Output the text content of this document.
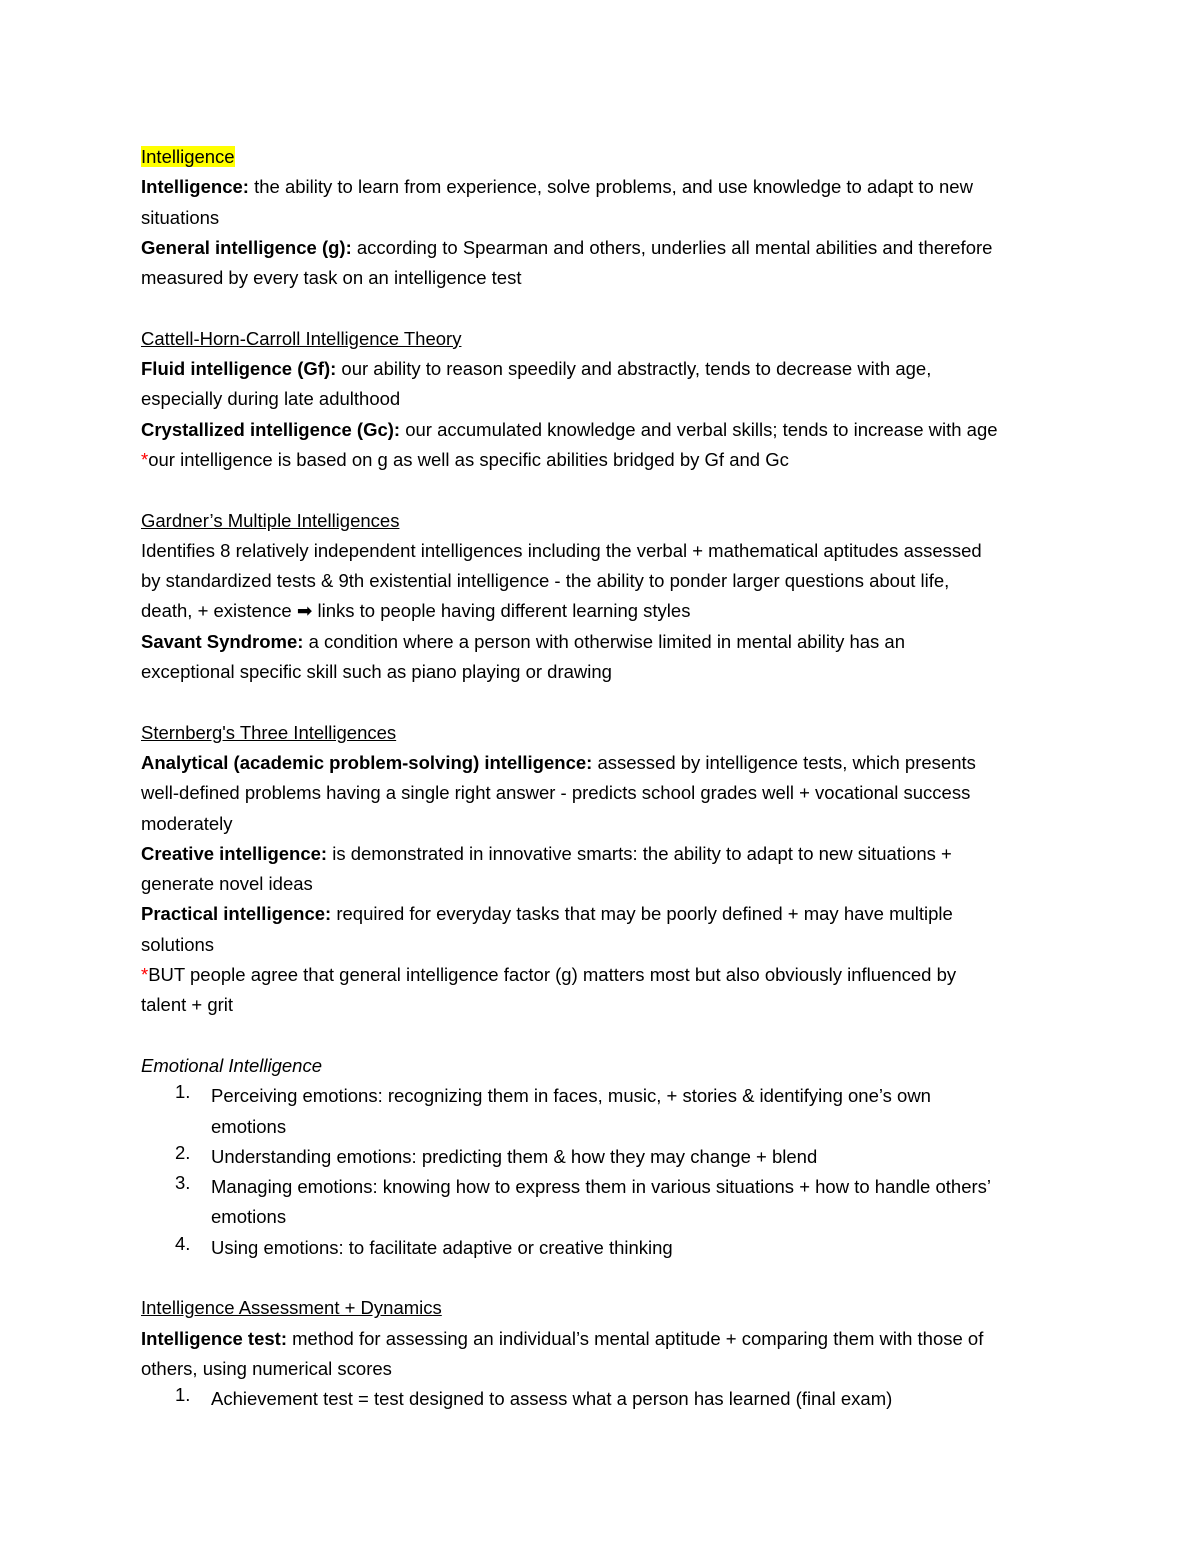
Intelligence
Intelligence: the ability to learn from experience, solve problems, and use knowledge to adapt to new
situations
General intelligence (g): according to Spearman and others, underlies all mental abilities and therefore
measured by every task on an intelligence test
Cattell-Horn-Carroll Intelligence Theory
Fluid intelligence (Gf): our ability to reason speedily and abstractly, tends to decrease with age,
especially during late adulthood
Crystallized intelligence (Gc): our accumulated knowledge and verbal skills; tends to increase with age
*our intelligence is based on g as well as specific abilities bridged by Gf and Gc
Gardner’s Multiple Intelligences
Identifies 8 relatively independent intelligences including the verbal + mathematical aptitudes assessed
by standardized tests & 9th existential intelligence - the ability to ponder larger questions about life,
death, + existence ➡ links to people having different learning styles
Savant Syndrome: a condition where a person with otherwise limited in mental ability has an
exceptional specific skill such as piano playing or drawing
Sternberg's Three Intelligences
Analytical (academic problem-solving) intelligence: assessed by intelligence tests, which presents
well-defined problems having a single right answer - predicts school grades well + vocational success
moderately
Creative intelligence: is demonstrated in innovative smarts: the ability to adapt to new situations +
generate novel ideas
Practical intelligence: required for everyday tasks that may be poorly defined + may have multiple
solutions
*BUT people agree that general intelligence factor (g) matters most but also obviously influenced by
talent + grit
Emotional Intelligence
1. Perceiving emotions: recognizing them in faces, music, + stories & identifying one’s own
emotions
2. Understanding emotions: predicting them & how they may change + blend
3. Managing emotions: knowing how to express them in various situations + how to handle others’
emotions
4. Using emotions: to facilitate adaptive or creative thinking
Intelligence Assessment + Dynamics
Intelligence test: method for assessing an individual’s mental aptitude + comparing them with those of
others, using numerical scores
1. Achievement test = test designed to assess what a person has learned (final exam)
